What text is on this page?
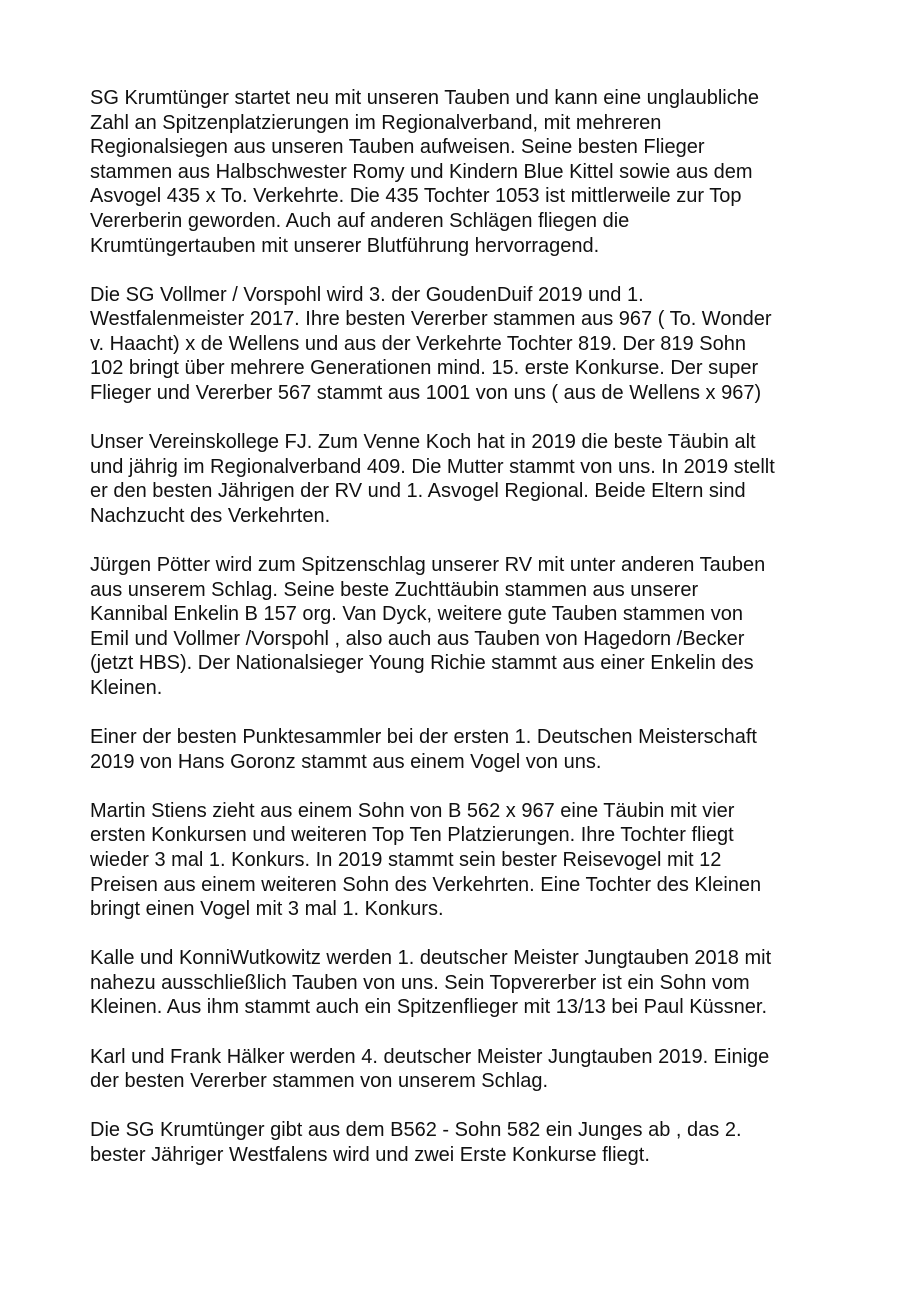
SG Krumtünger startet neu mit unseren Tauben und kann eine unglaubliche
Zahl an Spitzenplatzierungen im Regionalverband, mit mehreren
Regionalsiegen aus unseren Tauben aufweisen. Seine besten Flieger
stammen aus Halbschwester Romy und Kindern Blue Kittel sowie aus dem
Asvogel 435 x To. Verkehrte. Die 435 Tochter 1053 ist mittlerweile zur Top
Vererberin geworden. Auch auf anderen Schlägen fliegen die
Krumtüngertauben mit unserer Blutführung hervorragend.

Die SG Vollmer / Vorspohl wird 3. der GoudenDuif 2019 und 1.
Westfalenmeister 2017. Ihre besten Vererber stammen aus 967 ( To. Wonder
v. Haacht) x de Wellens und aus der Verkehrte Tochter 819. Der 819 Sohn
102 bringt über mehrere Generationen mind. 15. erste Konkurse. Der super
Flieger und Vererber 567 stammt aus 1001 von uns ( aus de Wellens x 967)

Unser Vereinskollege FJ. Zum Venne Koch hat in 2019 die beste Täubin alt
und jährig im Regionalverband 409. Die Mutter stammt von uns. In 2019 stellt
er den besten Jährigen der RV und 1. Asvogel Regional. Beide Eltern sind
Nachzucht des Verkehrten.

Jürgen Pötter wird zum Spitzenschlag unserer RV mit unter anderen Tauben
aus unserem Schlag. Seine beste Zuchttäubin stammen aus unserer
Kannibal Enkelin B 157 org. Van Dyck, weitere gute Tauben stammen von
Emil und Vollmer /Vorspohl , also auch aus Tauben von Hagedorn /Becker
(jetzt HBS). Der Nationalsieger Young Richie stammt aus einer Enkelin des
Kleinen.

Einer der besten Punktesammler bei der ersten 1. Deutschen Meisterschaft
2019 von Hans Goronz stammt aus einem Vogel von uns.

Martin Stiens zieht aus einem Sohn von B 562 x 967 eine Täubin mit vier
ersten Konkursen und weiteren Top Ten Platzierungen. Ihre Tochter fliegt
wieder 3 mal 1. Konkurs. In 2019 stammt sein bester Reisevogel mit 12
Preisen aus einem weiteren Sohn des Verkehrten. Eine Tochter des Kleinen
bringt einen Vogel mit 3 mal 1. Konkurs.

Kalle und KonniWutkowitz werden 1. deutscher Meister Jungtauben 2018 mit
nahezu ausschließlich Tauben von uns. Sein Topvererber ist ein Sohn vom
Kleinen. Aus ihm stammt auch ein Spitzenflieger mit 13/13 bei Paul Küssner.

Karl und Frank Hälker werden 4. deutscher Meister Jungtauben 2019. Einige
der besten Vererber stammen von unserem Schlag.

Die SG Krumtünger gibt aus dem B562 - Sohn 582 ein Junges ab , das 2.
bester Jähriger Westfalens wird und zwei Erste Konkurse fliegt.
